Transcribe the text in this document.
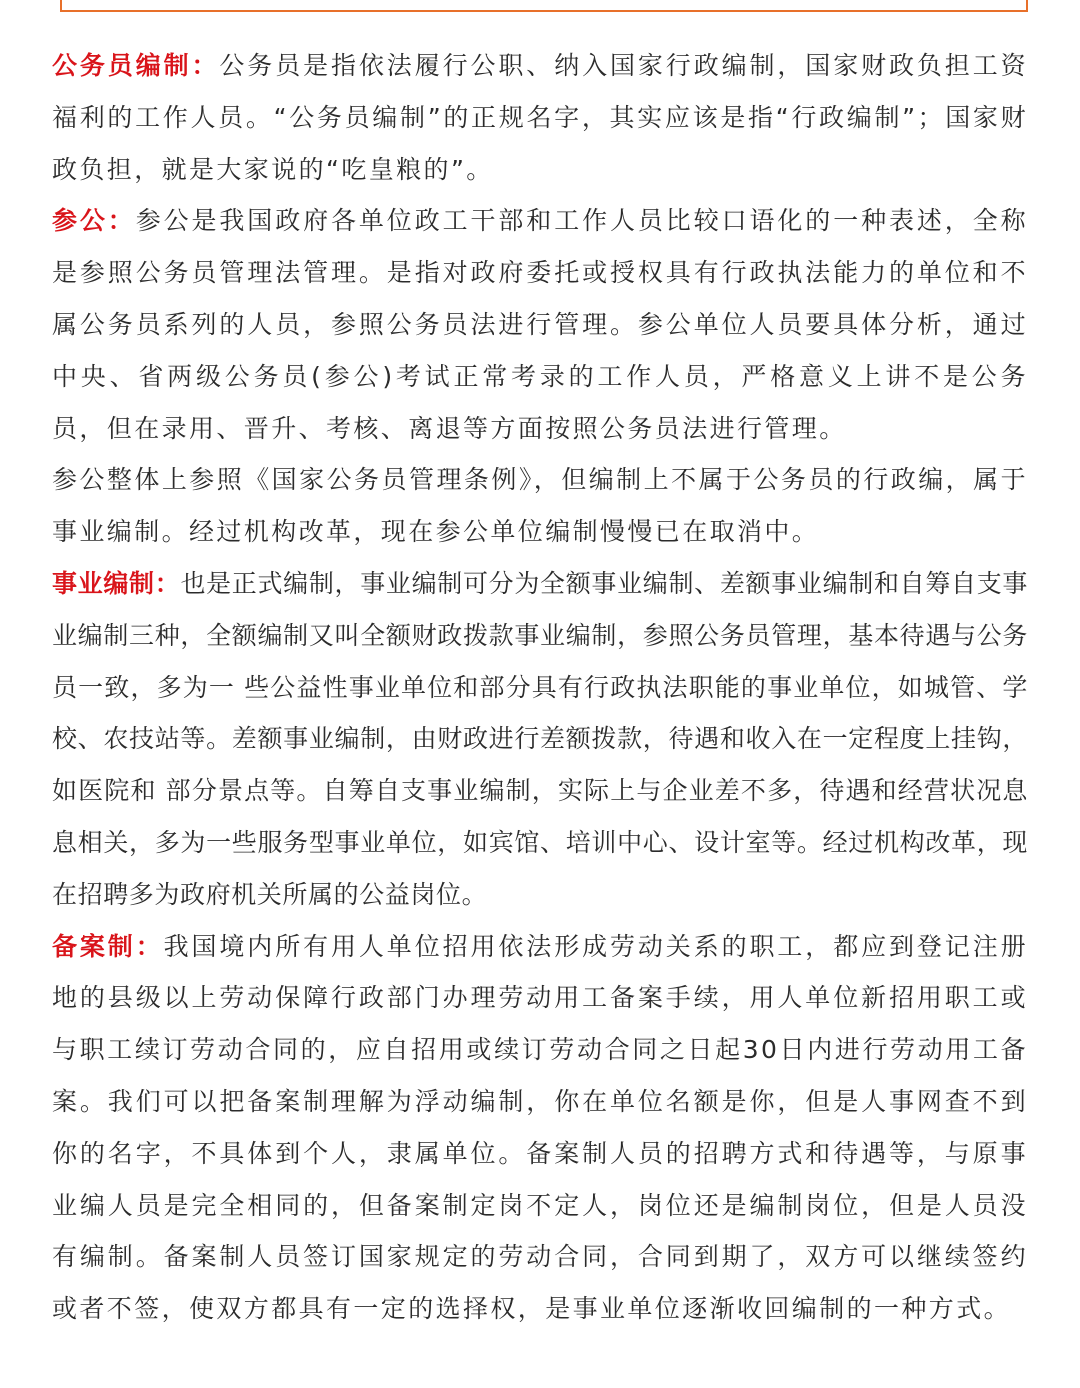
公务员编制：公务员是指依法履行公职、纳入国家行政编制，国家财政负担工资福利的工作人员。“公务员编制”的正规名字，其实应该是指“行政编制”；国家财政负担，就是大家说的“吃皇粮的”。

参公：参公是我国政府各单位政工干部和工作人员比较口语化的一种表述，全称是参照公务员管理法管理。是指对政府委托或授权具有行政执法能力的单位和不属公务员系列的人员，参照公务员法进行管理。参公单位人员要具体分析，通过中央、省两级公务员(参公)考试正常考录的工作人员，严格意义上讲不是公务员，但在录用、晋升、考核、离退等方面按照公务员法进行管理。
参公整体上参照《国家公务员管理条例》，但编制上不属于公务员的行政编，属于事业编制。经过机构改革，现在参公单位编制慢慢已在取消中。

事业编制：也是正式编制，事业编制可分为全额事业编制、差额事业编制和自筹自支事业编制三种，全额编制又叫全额财政拨款事业编制，参照公务员管理，基本待遇与公务员一致，多为一 些公益性事业单位和部分具有行政执法职能的事业单位，如城管、学校、农技站等。差额事业编制，由财政进行差额拨款，待遇和收入在一定程度上挂钩，如医院和 部分景点等。自筹自支事业编制，实际上与企业差不多，待遇和经营状况息息相关，多为一些服务型事业单位，如宾馆、培训中心、设计室等。经过机构改革，现在招聘多为政府机关所属的公益岗位。

备案制：我国境内所有用人单位招用依法形成劳动关系的职工，都应到登记注册地的县级以上劳动保障行政部门办理劳动用工备案手续，用人单位新招用职工或与职工续订劳动合同的，应自招用或续订劳动合同之日起30日内进行劳动用工备案。我们可以把备案制理解为浮动编制，你在单位名额是你，但是人事网查不到你的名字，不具体到个人，隶属单位。备案制人员的招聘方式和待遇等，与原事业编人员是完全相同的，但备案制定岗不定人，岗位还是编制岗位，但是人员没有编制。备案制人员签订国家规定的劳动合同，合同到期了，双方可以继续签约或者不签，使双方都具有一定的选择权，是事业单位逐渐收回编制的一种方式。
